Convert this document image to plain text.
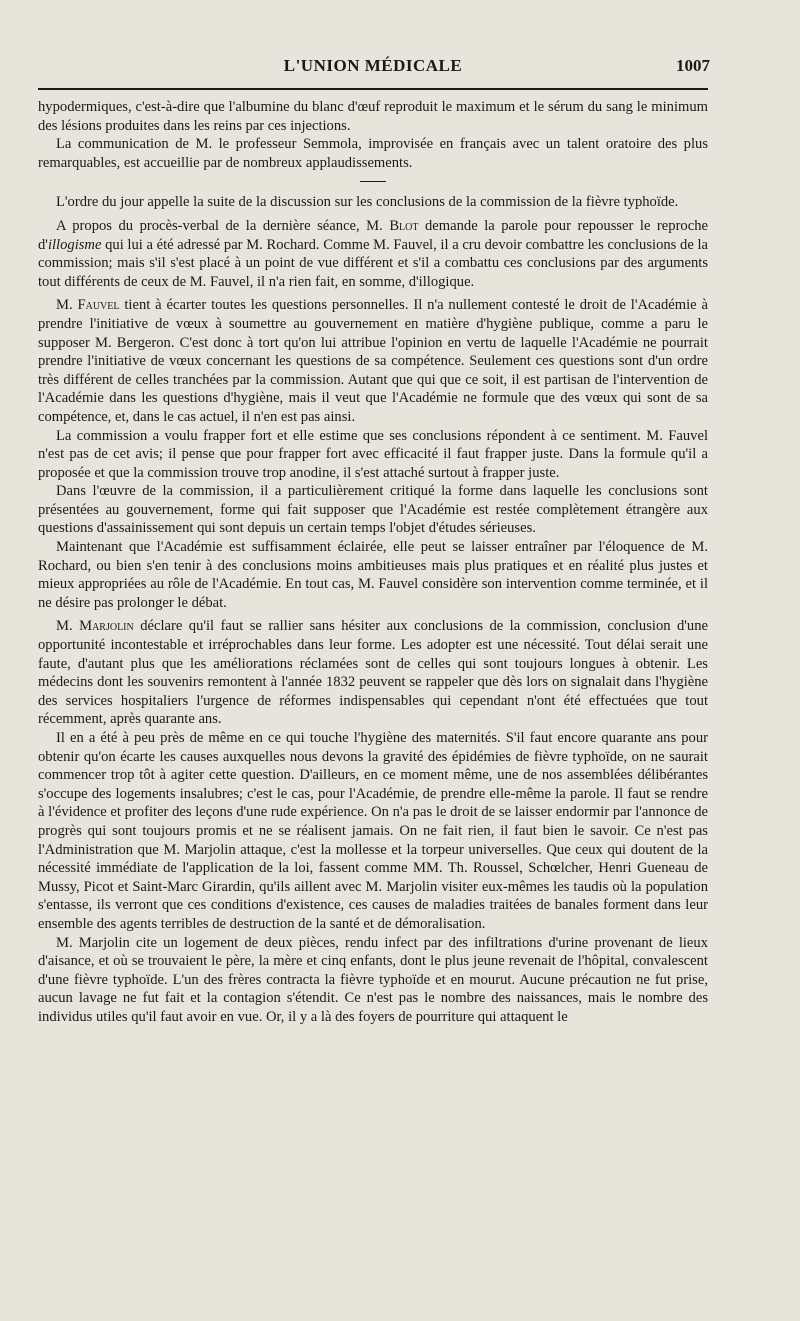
L'UNION MÉDICALE	1007

hypodermiques, c'est-à-dire que l'albumine du blanc d'œuf reproduit le maximum et le sérum du sang le minimum des lésions produites dans les reins par ces injections.

La communication de M. le professeur Semmola, improvisée en français avec un talent oratoire des plus remarquables, est accueillie par de nombreux applaudissements.

L'ordre du jour appelle la suite de la discussion sur les conclusions de la commission de la fièvre typhoïde.

A propos du procès-verbal de la dernière séance, M. Blot demande la parole pour repousser le reproche d'illogisme qui lui a été adressé par M. Rochard. Comme M. Fauvel, il a cru devoir combattre les conclusions de la commission; mais s'il s'est placé à un point de vue différent et s'il a combattu ces conclusions par des arguments tout différents de ceux de M. Fauvel, il n'a rien fait, en somme, d'illogique.

M. Fauvel tient à écarter toutes les questions personnelles. Il n'a nullement contesté le droit de l'Académie à prendre l'initiative de vœux à soumettre au gouvernement en matière d'hygiène publique, comme a paru le supposer M. Bergeron. C'est donc à tort qu'on lui attribue l'opinion en vertu de laquelle l'Académie ne pourrait prendre l'initiative de vœux concernant les questions de sa compétence. Seulement ces questions sont d'un ordre très différent de celles tranchées par la commission. Autant que qui que ce soit, il est partisan de l'intervention de l'Académie dans les questions d'hygiène, mais il veut que l'Académie ne formule que des vœux qui sont de sa compétence, et, dans le cas actuel, il n'en est pas ainsi.

La commission a voulu frapper fort et elle estime que ses conclusions répondent à ce sentiment. M. Fauvel n'est pas de cet avis; il pense que pour frapper fort avec efficacité il faut frapper juste. Dans la formule qu'il a proposée et que la commission trouve trop anodine, il s'est attaché surtout à frapper juste.

Dans l'œuvre de la commission, il a particulièrement critiqué la forme dans laquelle les conclusions sont présentées au gouvernement, forme qui fait supposer que l'Académie est restée complètement étrangère aux questions d'assainissement qui sont depuis un certain temps l'objet d'études sérieuses.

Maintenant que l'Académie est suffisamment éclairée, elle peut se laisser entraîner par l'éloquence de M. Rochard, ou bien s'en tenir à des conclusions moins ambitieuses mais plus pratiques et en réalité plus justes et mieux appropriées au rôle de l'Académie. En tout cas, M. Fauvel considère son intervention comme terminée, et il ne désire pas prolonger le débat.

M. Marjolin déclare qu'il faut se rallier sans hésiter aux conclusions de la commission, conclusion d'une opportunité incontestable et irréprochables dans leur forme. Les adopter est une nécessité. Tout délai serait une faute, d'autant plus que les améliorations réclamées sont de celles qui sont toujours longues à obtenir. Les médecins dont les souvenirs remontent à l'année 1832 peuvent se rappeler que dès lors on signalait dans l'hygiène des services hospitaliers l'urgence de réformes indispensables qui cependant n'ont été effectuées que tout récemment, après quarante ans.

Il en a été à peu près de même en ce qui touche l'hygiène des maternités. S'il faut encore quarante ans pour obtenir qu'on écarte les causes auxquelles nous devons la gravité des épidémies de fièvre typhoïde, on ne saurait commencer trop tôt à agiter cette question. D'ailleurs, en ce moment même, une de nos assemblées délibérantes s'occupe des logements insalubres; c'est le cas, pour l'Académie, de prendre elle-même la parole. Il faut se rendre à l'évidence et profiter des leçons d'une rude expérience. On n'a pas le droit de se laisser endormir par l'annonce de progrès qui sont toujours promis et ne se réalisent jamais. On ne fait rien, il faut bien le savoir. Ce n'est pas l'Administration que M. Marjolin attaque, c'est la mollesse et la torpeur universelles. Que ceux qui doutent de la nécessité immédiate de l'application de la loi, fassent comme MM. Th. Roussel, Schœlcher, Henri Gueneau de Mussy, Picot et Saint-Marc Girardin, qu'ils aillent avec M. Marjolin visiter eux-mêmes les taudis où la population s'entasse, ils verront que ces conditions d'existence, ces causes de maladies traitées de banales forment dans leur ensemble des agents terribles de destruction de la santé et de démoralisation.

M. Marjolin cite un logement de deux pièces, rendu infect par des infiltrations d'urine provenant de lieux d'aisance, et où se trouvaient le père, la mère et cinq enfants, dont le plus jeune revenait de l'hôpital, convalescent d'une fièvre typhoïde. L'un des frères contracta la fièvre typhoïde et en mourut. Aucune précaution ne fut prise, aucun lavage ne fut fait et la contagion s'étendit. Ce n'est pas le nombre des naissances, mais le nombre des individus utiles qu'il faut avoir en vue. Or, il y a là des foyers de pourriture qui attaquent le
